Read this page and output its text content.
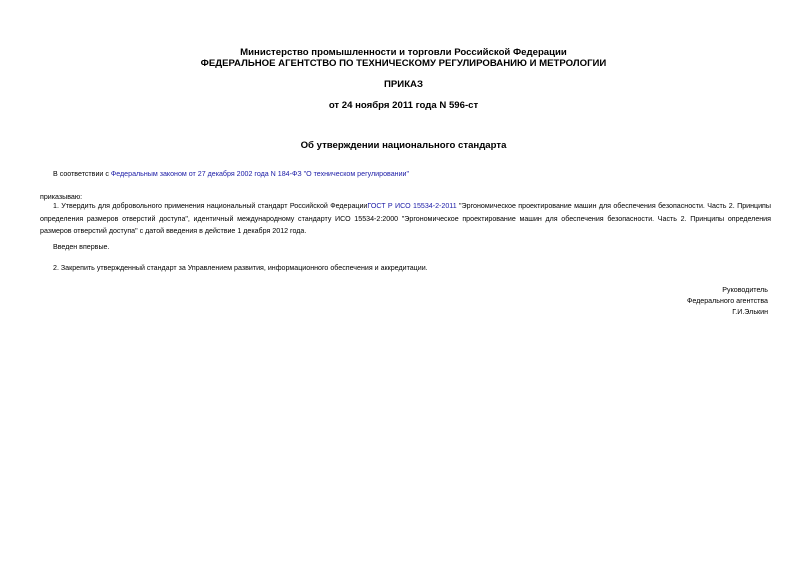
Министерство промышленности и торговли Российской Федерации
ФЕДЕРАЛЬНОЕ АГЕНТСТВО ПО ТЕХНИЧЕСКОМУ РЕГУЛИРОВАНИЮ И МЕТРОЛОГИИ
ПРИКАЗ
от 24 ноября 2011 года N 596-ст
Об утверждении национального стандарта
В соответствии с Федеральным законом от 27 декабря 2002 года N 184-ФЗ "О техническом регулировании"
приказываю:
1. Утвердить для добровольного применения национальный стандарт Российской ФедерацииГОСТ Р ИСО 15534-2-2011 "Эргономическое проектирование машин для обеспечения безопасности. Часть 2. Принципы определения размеров отверстий доступа", идентичный международному стандарту ИСО 15534-2:2000 "Эргономическое проектирование машин для обеспечения безопасности. Часть 2. Принципы определения размеров отверстий доступа" с датой введения в действие 1 декабря 2012 года.
Введен впервые.
2. Закрепить утвержденный стандарт за Управлением развития, информационного обеспечения и аккредитации.
Руководитель
Федерального агентства
Г.И.Элькин
